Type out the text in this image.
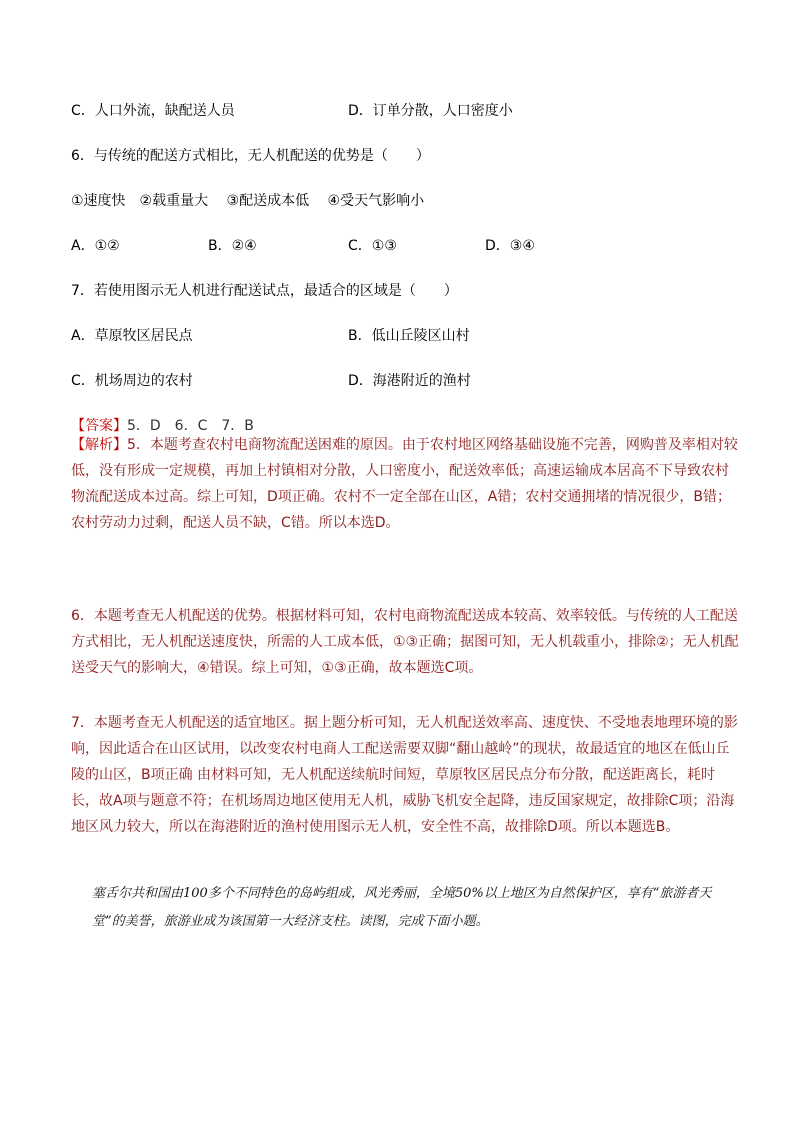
C．人口外流，缺配送人员	D．订单分散，人口密度小
6．与传统的配送方式相比，无人机配送的优势是（　　）
①速度快　②载重量大　 ③配送成本低　 ④受天气影响小
A．①②	B．②④	C．①③	D．③④
7．若使用图示无人机进行配送试点，最适合的区域是（　　）
A．草原牧区居民点	B．低山丘陵区山村
C．机场周边的农村	D．海港附近的渔村
【答案】5．D　6．C　7．B

【解析】5．本题考查农村电商物流配送困难的原因。由于农村地区网络基础设施不完善，网购普及率相对较低，没有形成一定规模，再加上村镇相对分散，人口密度小，配送效率低；高速运输成本居高不下导致农村物流配送成本过高。综上可知，D项正确。农村不一定全部在山区，A错；农村交通拥堵的情况很少，B错；农村劳动力过剩，配送人员不缺，C错。所以本选D。

6．本题考查无人机配送的优势。根据材料可知，农村电商物流配送成本较高、效率较低。与传统的人工配送方式相比，无人机配送速度快，所需的人工成本低，①③正确；据图可知，无人机载重小，排除②；无人机配送受天气的影响大，④错误。综上可知，①③正确，故本题选C项。

7．本题考查无人机配送的适宜地区。据上题分析可知，无人机配送效率高、速度快、不受地表地理环境的影响，因此适合在山区试用，以改变农村电商人工配送需要双脚“翻山越岭”的现状，故最适宜的地区在低山丘陵的山区，B项正确 由材料可知，无人机配送续航时间短，草原牧区居民点分布分散，配送距离长，耗时长，故A项与题意不符；在机场周边地区使用无人机，威胁飞机安全起降，违反国家规定，故排除C项；沿海地区风力较大，所以在海港附近的渔村使用图示无人机，安全性不高，故排除D项。所以本题选B。

塞舌尔共和国由100多个不同特色的岛屿组成，风光秀丽，全境50%以上地区为自然保护区，享有“旅游者天堂”的美誉，旅游业成为该国第一大经济支柱。读图，完成下面小题。
